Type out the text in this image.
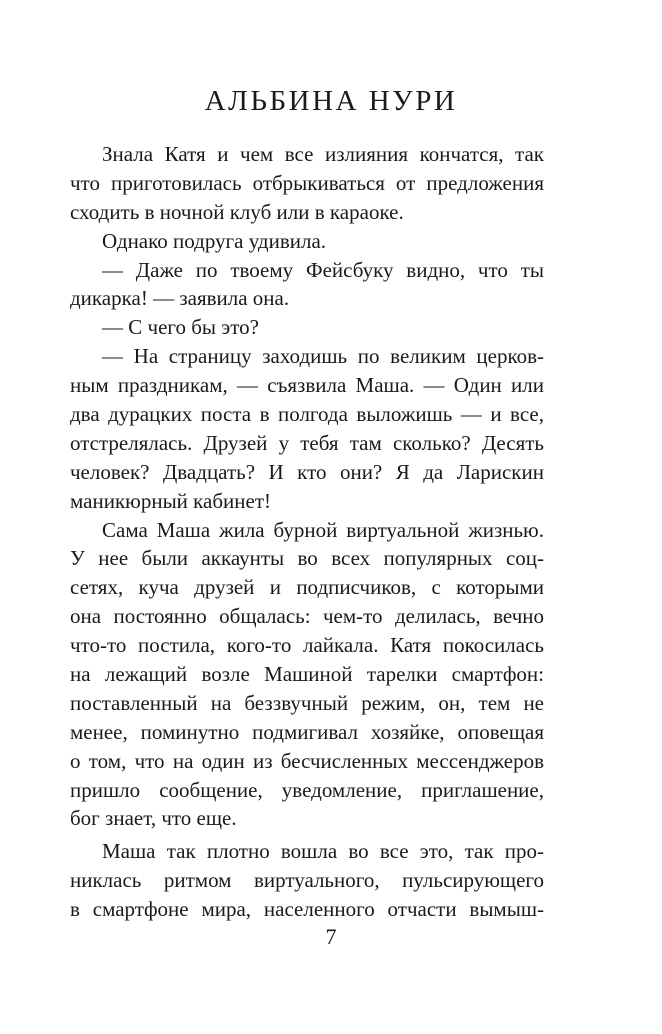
АЛЬБИНА НУРИ
Знала Катя и чем все излияния кончатся, так
что приготовилась отбрыкиваться от предложения
сходить в ночной клуб или в караоке.
Однако подруга удивила.
— Даже по твоему Фейсбуку видно, что ты
дикарка! — заявила она.
— С чего бы это?
— На страницу заходишь по великим церков-
ным праздникам, — съязвила Маша. — Один или
два дурацких поста в полгода выложишь — и все,
отстрелялась. Друзей у тебя там сколько? Десять
человек? Двадцать? И кто они? Я да Ларискин
маникюрный кабинет!
Сама Маша жила бурной виртуальной жизнью.
У нее были аккаунты во всех популярных соц-
сетях, куча друзей и подписчиков, с которыми
она постоянно общалась: чем-то делилась, вечно
что-то постила, кого-то лайкала. Катя покосилась
на лежащий возле Машиной тарелки смартфон:
поставленный на беззвучный режим, он, тем не
менее, поминутно подмигивал хозяйке, оповещая
о том, что на один из бесчисленных мессенджеров
пришло сообщение, уведомление, приглашение,
бог знает, что еще.
Маша так плотно вошла во все это, так про-
никлась ритмом виртуального, пульсирующего
в смартфоне мира, населенного отчасти вымыш-
7
